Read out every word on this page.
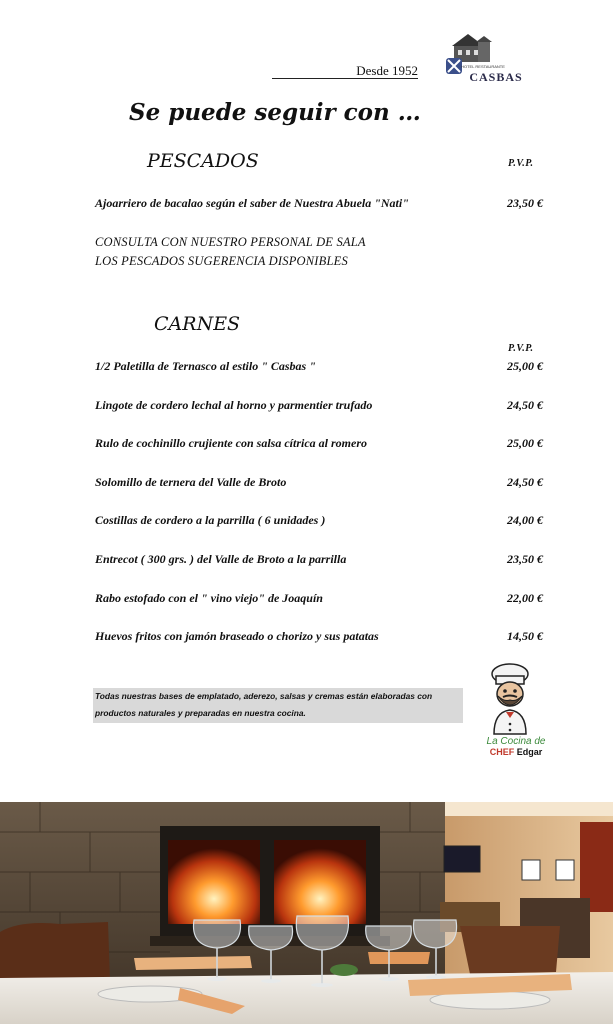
Desde 1952	HOTEL RESTAURANTE
CASBAS
Se puede seguir con …
PESCADOS	P.V.P.
Ajoarriero de bacalao según el saber de Nuestra Abuela "Nati"	23,50 €
CONSULTA CON NUESTRO PERSONAL DE SALA
LOS PESCADOS SUGERENCIA DISPONIBLES
CARNES
P.V.P.
1/2 Paletilla de Ternasco al estilo " Casbas "	25,00 €
Lingote de cordero lechal al horno y parmentier trufado	24,50 €
Rulo de cochinillo crujiente con salsa cítrica al romero	25,00 €
Solomillo de ternera del Valle de Broto	24,50 €
Costillas de cordero a la parrilla ( 6 unidades )	24,00 €
Entrecot ( 300 grs. ) del Valle de Broto a la parrilla	23,50 €
Rabo estofado con el " vino viejo" de Joaquín	22,00 €
Huevos fritos con jamón braseado o chorizo y sus patatas	14,50 €
Todas nuestras bases de emplatado, aderezo, salsas y cremas están elaboradas con
productos naturales y preparadas en nuestra cocina.
La Cocina de
CHEF Edgar
